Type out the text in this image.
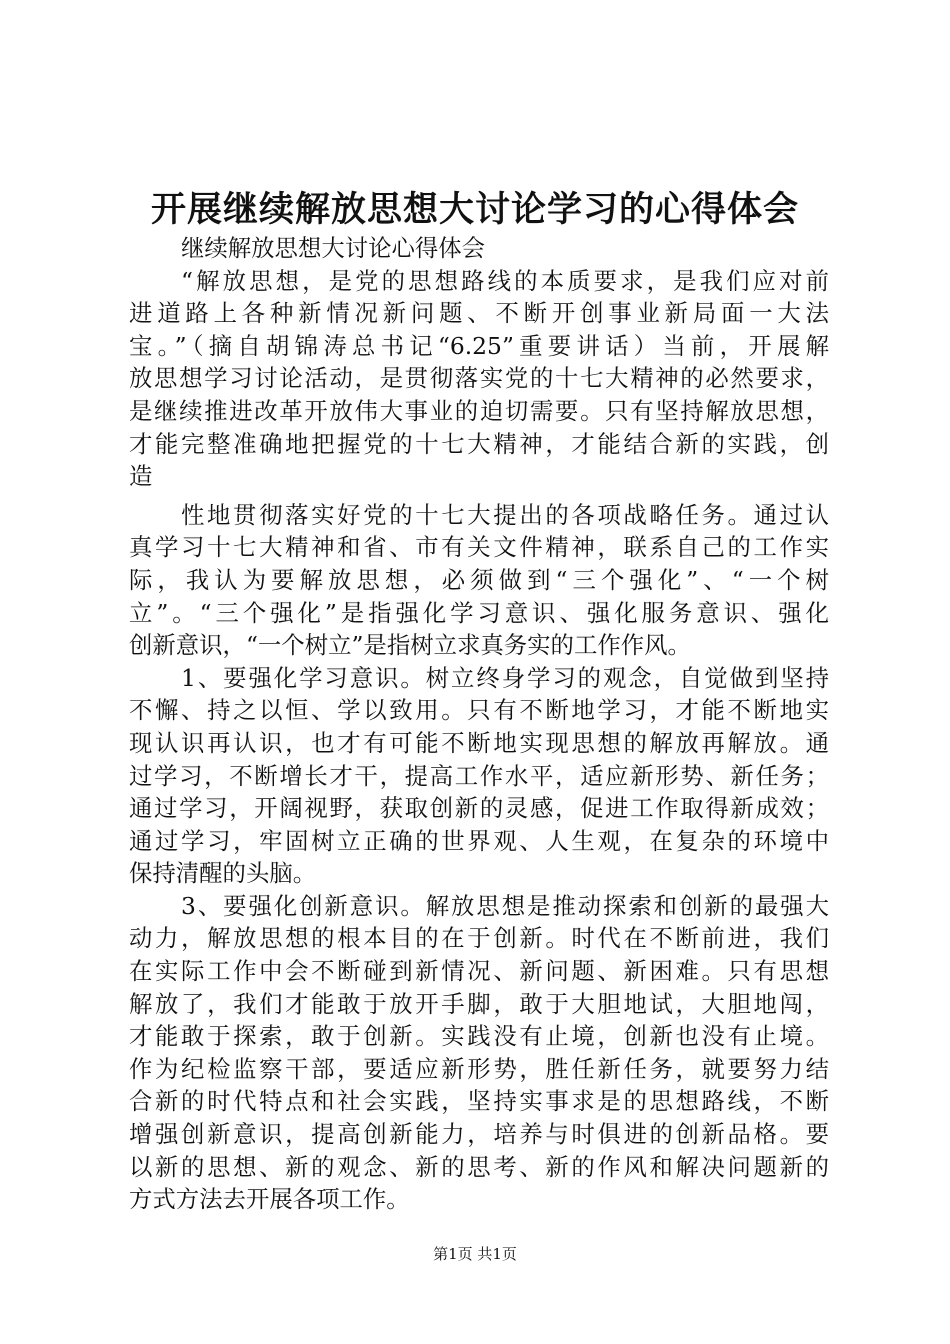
开展继续解放思想大讨论学习的心得体会
继续解放思想大讨论心得体会
“解放思想，是党的思想路线的本质要求，是我们应对前
进道路上各种新情况新问题、不断开创事业新局面一大法
宝。”（摘自胡锦涛总书记“6.25”重要讲话）当前，开展解
放思想学习讨论活动，是贯彻落实党的十七大精神的必然要求，
是继续推进改革开放伟大事业的迫切需要。只有坚持解放思想，
才能完整准确地把握党的十七大精神，才能结合新的实践，创
造
性地贯彻落实好党的十七大提出的各项战略任务。通过认
真学习十七大精神和省、市有关文件精神，联系自己的工作实
际，我认为要解放思想，必须做到“三个强化”、“一个树
立”。“三个强化”是指强化学习意识、强化服务意识、强化
创新意识，“一个树立”是指树立求真务实的工作作风。
1、要强化学习意识。树立终身学习的观念，自觉做到坚持
不懈、持之以恒、学以致用。只有不断地学习，才能不断地实
现认识再认识，也才有可能不断地实现思想的解放再解放。通
过学习，不断增长才干，提高工作水平，适应新形势、新任务；
通过学习，开阔视野，获取创新的灵感，促进工作取得新成效；
通过学习，牢固树立正确的世界观、人生观，在复杂的环境中
保持清醒的头脑。
3、要强化创新意识。解放思想是推动探索和创新的最强大
动力，解放思想的根本目的在于创新。时代在不断前进，我们
在实际工作中会不断碰到新情况、新问题、新困难。只有思想
解放了，我们才能敢于放开手脚，敢于大胆地试，大胆地闯，
才能敢于探索，敢于创新。实践没有止境，创新也没有止境。
作为纪检监察干部，要适应新形势，胜任新任务，就要努力结
合新的时代特点和社会实践，坚持实事求是的思想路线，不断
增强创新意识，提高创新能力，培养与时俱进的创新品格。要
以新的思想、新的观念、新的思考、新的作风和解决问题新的
方式方法去开展各项工作。
第1页 共1页
